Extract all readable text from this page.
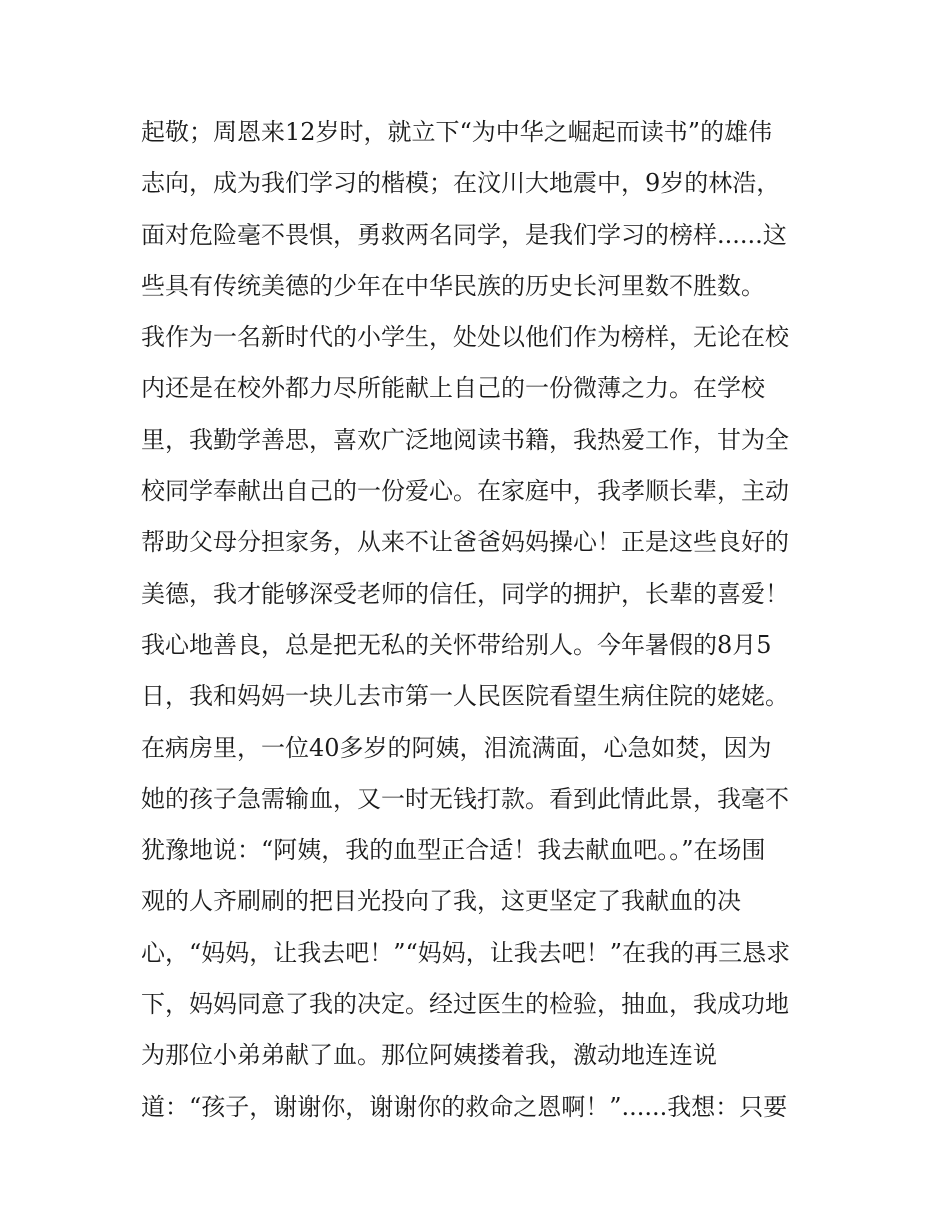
起敬；周恩来12岁时，就立下“为中华之崛起而读书”的雄伟
志向，成为我们学习的楷模；在汶川大地震中，9岁的林浩，
面对危险毫不畏惧，勇救两名同学，是我们学习的榜样......这
些具有传统美德的少年在中华民族的历史长河里数不胜数。
我作为一名新时代的小学生，处处以他们作为榜样，无论在校
内还是在校外都力尽所能献上自己的一份微薄之力。在学校
里，我勤学善思，喜欢广泛地阅读书籍，我热爱工作，甘为全
校同学奉献出自己的一份爱心。在家庭中，我孝顺长辈，主动
帮助父母分担家务，从来不让爸爸妈妈操心！正是这些良好的
美德，我才能够深受老师的信任，同学的拥护，长辈的喜爱！
我心地善良，总是把无私的关怀带给别人。今年暑假的8月5
日，我和妈妈一块儿去市第一人民医院看望生病住院的姥姥。
在病房里，一位40多岁的阿姨，泪流满面，心急如焚，因为
她的孩子急需输血，又一时无钱打款。看到此情此景，我毫不
犹豫地说：“阿姨，我的血型正合适！我去献血吧。。”在场围
观的人齐刷刷的把目光投向了我，这更坚定了我献血的决
心，“妈妈，让我去吧！”“妈妈，让我去吧！”在我的再三恳求
下，妈妈同意了我的决定。经过医生的检验，抽血，我成功地
为那位小弟弟献了血。那位阿姨搂着我，激动地连连说
道：“孩子，谢谢你，谢谢你的救命之恩啊！”......我想：只要
